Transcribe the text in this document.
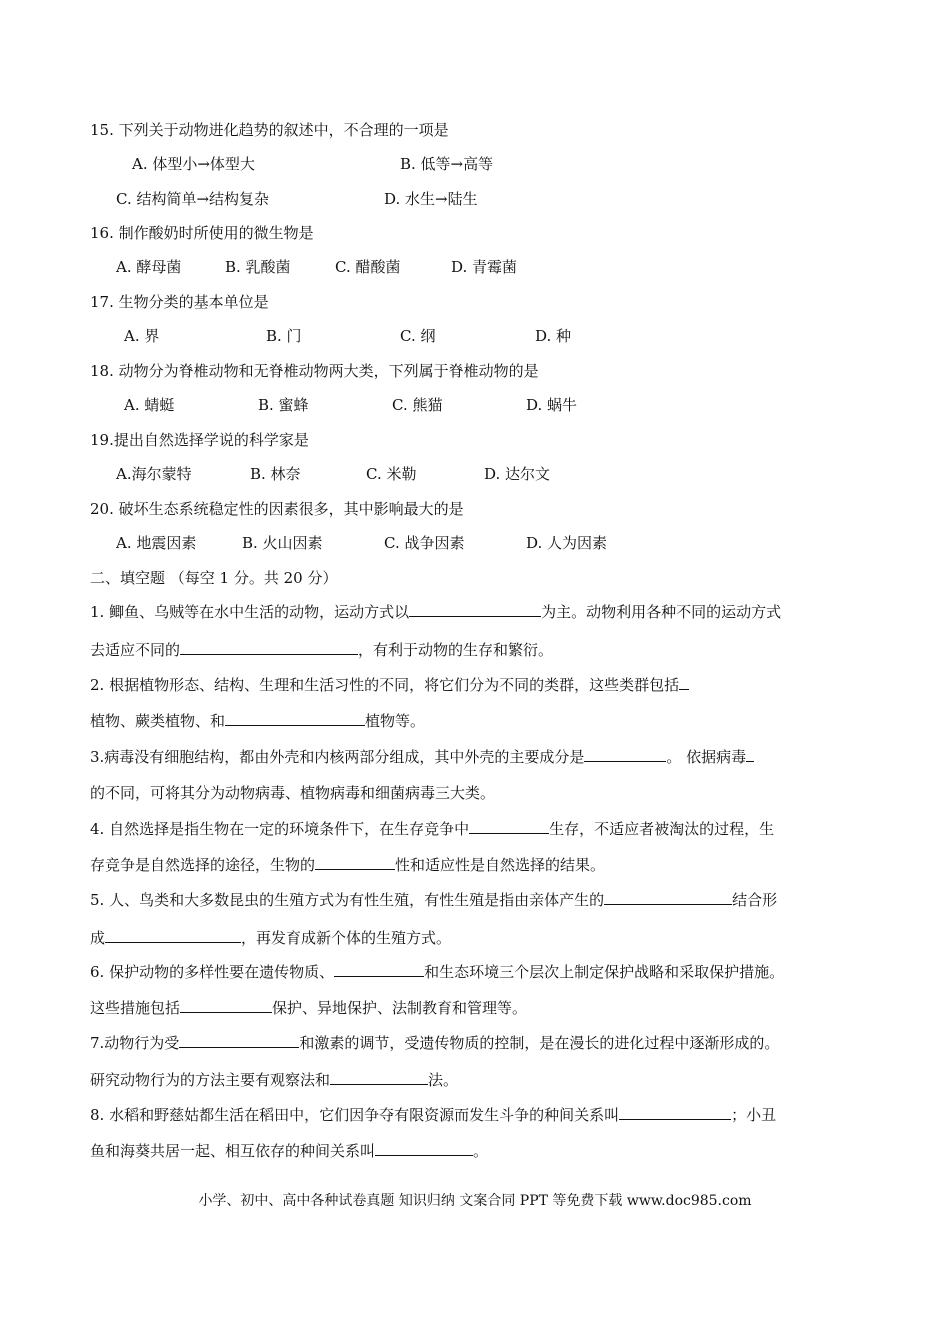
15. 下列关于动物进化趋势的叙述中，不合理的一项是
A. 体型小→体型大	B. 低等→高等
C. 结构简单→结构复杂	D. 水生→陆生
16. 制作酸奶时所使用的微生物是
A. 酵母菌	B. 乳酸菌	C. 醋酸菌	D. 青霉菌
17. 生物分类的基本单位是
A. 界	B. 门	C. 纲	D. 种
18. 动物分为脊椎动物和无脊椎动物两大类，下列属于脊椎动物的是
A. 蜻蜓	B. 蜜蜂	C. 熊猫	D. 蜗牛
19.提出自然选择学说的科学家是
A.海尔蒙特	B. 林奈	C. 米勒	D. 达尔文
20. 破坏生态系统稳定性的因素很多，其中影响最大的是
A. 地震因素	B. 火山因素	C. 战争因素	D. 人为因素
二、填空题 （每空 1 分。共 20 分）
1. 鲫鱼、乌贼等在水中生活的动物，运动方式以	为主。动物利用各种不同的运动方式
去适应不同的	，有利于动物的生存和繁衍。
2. 根据植物形态、结构、生理和生活习性的不同，将它们分为不同的类群，这些类群包括
植物、蕨类植物、和	植物等。
3.病毒没有细胞结构，都由外壳和内核两部分组成，其中外壳的主要成分是	。 依据病毒
的不同，可将其分为动物病毒、植物病毒和细菌病毒三大类。
4. 自然选择是指生物在一定的环境条件下，在生存竞争中	生存，不适应者被淘汰的过程，生
存竞争是自然选择的途径，生物的	性和适应性是自然选择的结果。
5. 人、鸟类和大多数昆虫的生殖方式为有性生殖，有性生殖是指由亲体产生的	结合形
成	，再发育成新个体的生殖方式。
6. 保护动物的多样性要在遗传物质、	和生态环境三个层次上制定保护战略和采取保护措施。
这些措施包括	保护、异地保护、法制教育和管理等。
7.动物行为受	和激素的调节，受遗传物质的控制，是在漫长的进化过程中逐渐形成的。
研究动物行为的方法主要有观察法和	法。
8. 水稻和野慈姑都生活在稻田中，它们因争夺有限资源而发生斗争的种间关系叫	；小丑
鱼和海葵共居一起、相互依存的种间关系叫	。
小学、初中、高中各种试卷真题 知识归纳 文案合同 PPT 等免费下载 www.doc985.com
